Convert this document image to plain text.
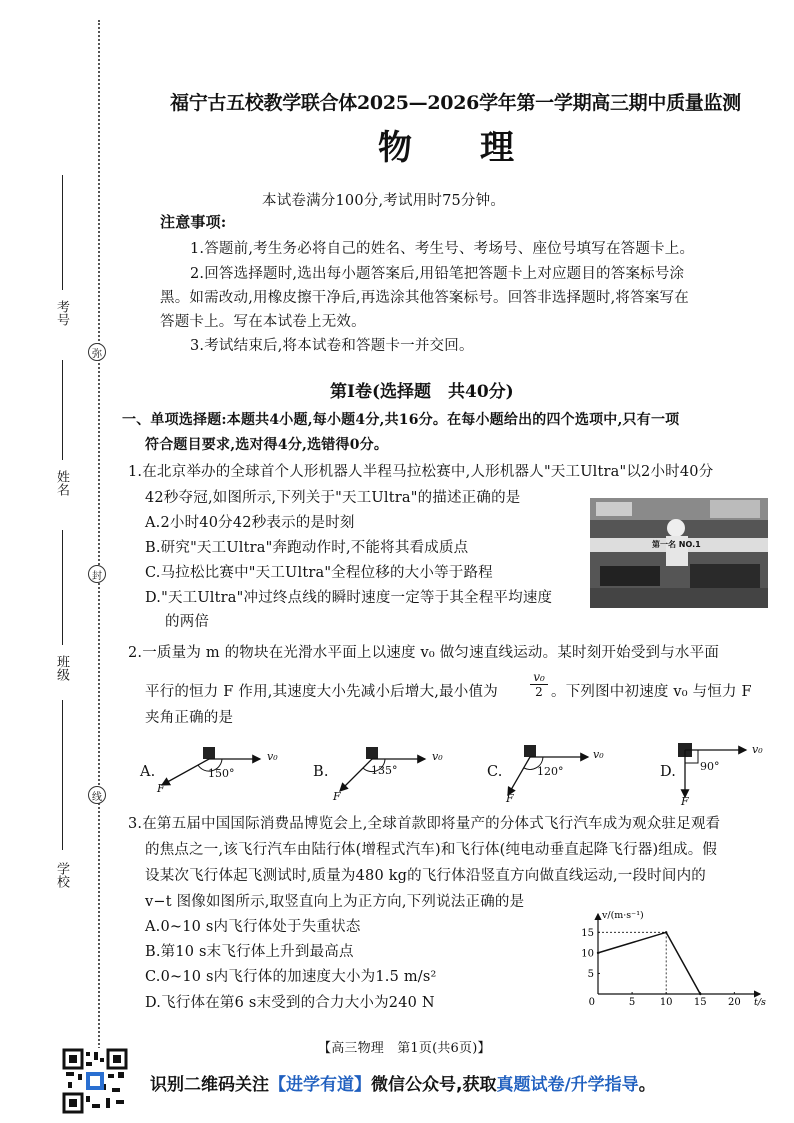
考号
姓名
班级
学校
弥
封
线
福宁古五校教学联合体2025—2026学年第一学期高三期中质量监测
物　　理
本试卷满分100分,考试用时75分钟。
注意事项:
1.答题前,考生务必将自己的姓名、考生号、考场号、座位号填写在答题卡上。
2.回答选择题时,选出每小题答案后,用铅笔把答题卡上对应题目的答案标号涂
黑。如需改动,用橡皮擦干净后,再选涂其他答案标号。回答非选择题时,将答案写在
答题卡上。写在本试卷上无效。
3.考试结束后,将本试卷和答题卡一并交回。
第Ⅰ卷(选择题　共40分)
一、单项选择题:本题共4小题,每小题4分,共16分。在每小题给出的四个选项中,只有一项
符合题目要求,选对得4分,选错得0分。
1.在北京举办的全球首个人形机器人半程马拉松赛中,人形机器人"天工Ultra"以2小时40分
42秒夺冠,如图所示,下列关于"天工Ultra"的描述正确的是
A.2小时40分42秒表示的是时刻
B.研究"天工Ultra"奔跑动作时,不能将其看成质点
C.马拉松比赛中"天工Ultra"全程位移的大小等于路程
D."天工Ultra"冲过终点线的瞬时速度一定等于其全程平均速度
的两倍
第一名 NO.1
2.一质量为 m 的物块在光滑水平面上以速度 v₀ 做匀速直线运动。某时刻开始受到与水平面
平行的恒力 F 作用,其速度大小先减小后增大,最小值为	$\frac{\text{v₀}}{2}$ 。下列图中初速度 v₀ 与恒力 F
夹角正确的是
A.	150°
v₀
F
B.	135°
v₀
F
C.	120°
v₀
F
D. 90°
v₀
F
3.在第五届中国国际消费品博览会上,全球首款即将量产的分体式飞行汽车成为观众驻足观看
的焦点之一,该飞行汽车由陆行体(增程式汽车)和飞行体(纯电动垂直起降飞行器)组成。假
设某次飞行体起飞测试时,质量为480 kg的飞行体沿竖直方向做直线运动,一段时间内的
v−t 图像如图所示,取竖直向上为正方向,下列说法正确的是
A.0~10 s内飞行体处于失重状态
B.第10 s末飞行体上升到最高点
C.0~10 s内飞行体的加速度大小为1.5 m/s²
D.飞行体在第6 s末受到的合力大小为240 N	0	5 10 15 20
5
10
15
v/(m·s⁻¹)
t/s
【高三物理　第1页(共6页)】
识别二维码关注【进学有道】微信公众号,获取真题试卷/升学指导。
